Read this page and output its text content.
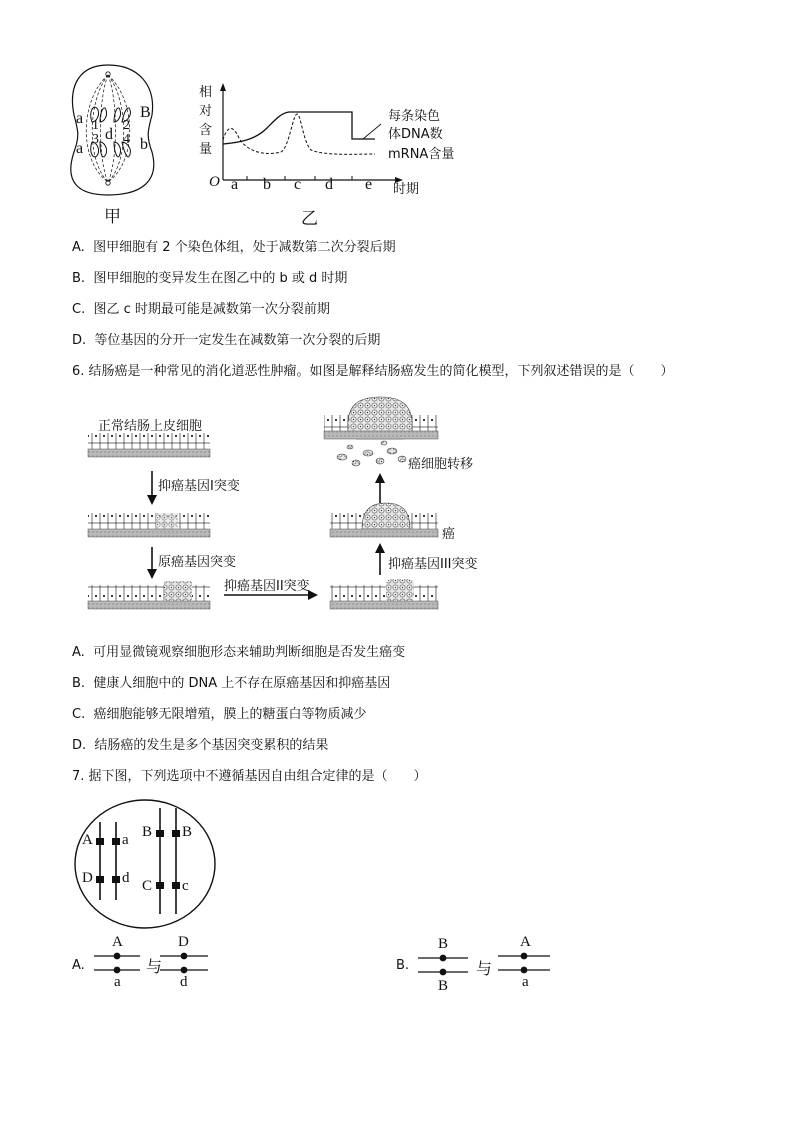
a
a
B
b
1 2
3 4
d
甲
相
对
含
量
O a b c d e 时期
每条染色
体DNA数
mRNA含量
乙
A. 图甲细胞有 2 个染色体组，处于减数第二次分裂后期
B. 图甲细胞的变异发生在图乙中的 b 或 d 时期
C. 图乙 c 时期最可能是减数第一次分裂前期
D. 等位基因的分开一定发生在减数第一次分裂的后期
6. 结肠癌是一种常见的消化道恶性肿瘤。如图是解释结肠癌发生的简化模型，下列叙述错误的是（　　）
正常结肠上皮细胞
抑癌基因I突变
原癌基因突变
抑癌基因II突变
抑癌基因III突变
癌
癌细胞转移
A. 可用显微镜观察细胞形态来辅助判断细胞是否发生癌变
B. 健康人细胞中的 DNA 上不存在原癌基因和抑癌基因
C. 癌细胞能够无限增殖，膜上的糖蛋白等物质减少
D. 结肠癌的发生是多个基因突变累积的结果
7. 据下图，下列选项中不遵循基因自由组合定律的是（　　）
A a
D d
B B
C c
A.
A
a
与
D
d
B.
B
B
与
A
a
